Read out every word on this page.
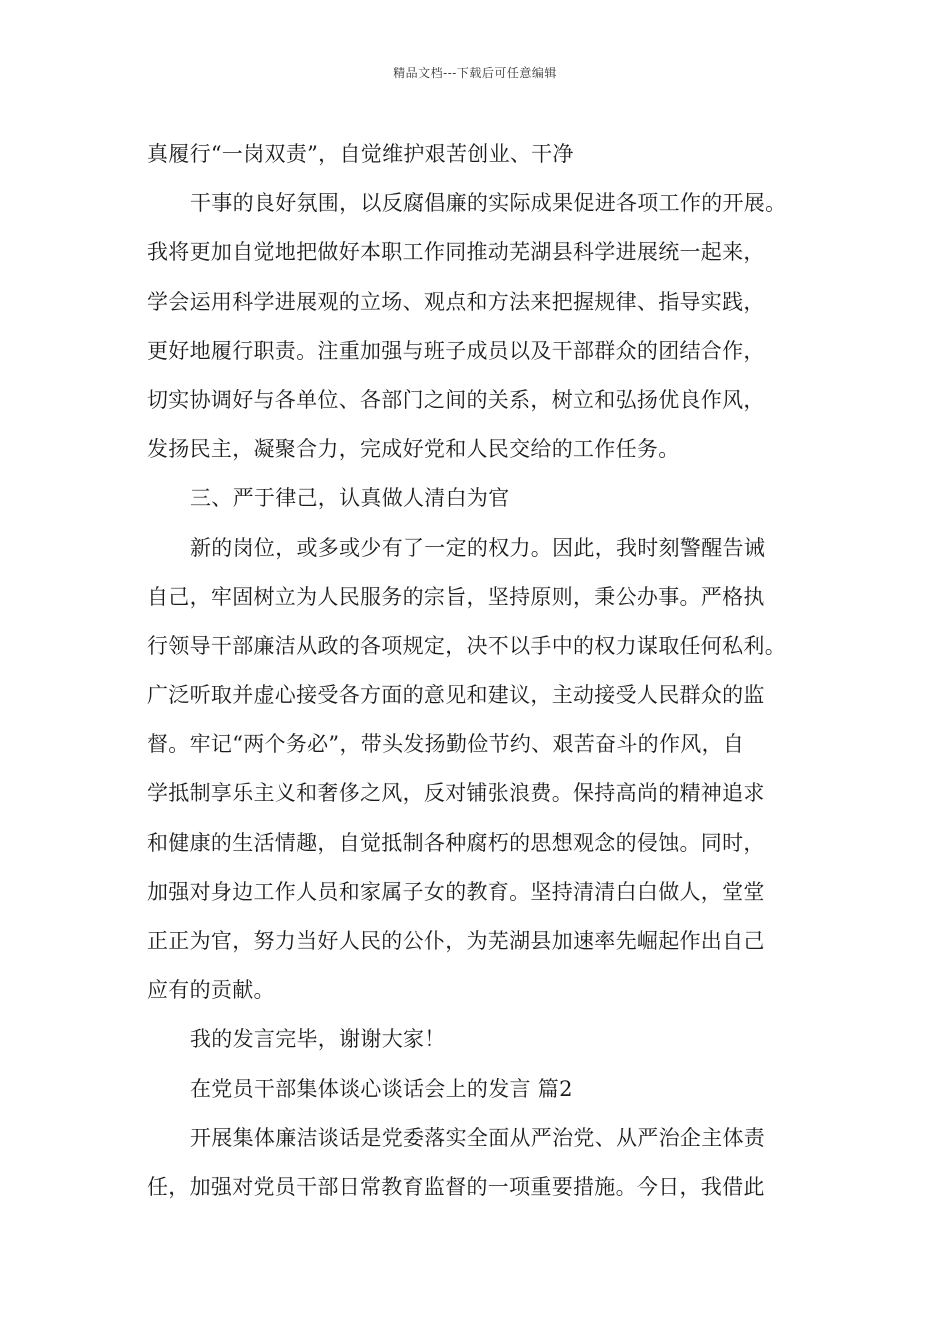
精品文档---下载后可任意编辑
真履行“一岗双责”，自觉维护艰苦创业、干净
干事的良好氛围，以反腐倡廉的实际成果促进各项工作的开展。
我将更加自觉地把做好本职工作同推动芜湖县科学进展统一起来，
学会运用科学进展观的立场、观点和方法来把握规律、指导实践，
更好地履行职责。注重加强与班子成员以及干部群众的团结合作，
切实协调好与各单位、各部门之间的关系，树立和弘扬优良作风，
发扬民主，凝聚合力，完成好党和人民交给的工作任务。
三、严于律己，认真做人清白为官
新的岗位，或多或少有了一定的权力。因此，我时刻警醒告诫
自己，牢固树立为人民服务的宗旨，坚持原则，秉公办事。严格执
行领导干部廉洁从政的各项规定，决不以手中的权力谋取任何私利。
广泛听取并虚心接受各方面的意见和建议，主动接受人民群众的监
督。牢记“两个务必”，带头发扬勤俭节约、艰苦奋斗的作风，自
学抵制享乐主义和奢侈之风，反对铺张浪费。保持高尚的精神追求
和健康的生活情趣，自觉抵制各种腐朽的思想观念的侵蚀。同时，
加强对身边工作人员和家属子女的教育。坚持清清白白做人，堂堂
正正为官，努力当好人民的公仆，为芜湖县加速率先崛起作出自己
应有的贡献。
我的发言完毕，谢谢大家！
在党员干部集体谈心谈话会上的发言 篇2
开展集体廉洁谈话是党委落实全面从严治党、从严治企主体责
任，加强对党员干部日常教育监督的一项重要措施。今日，我借此
